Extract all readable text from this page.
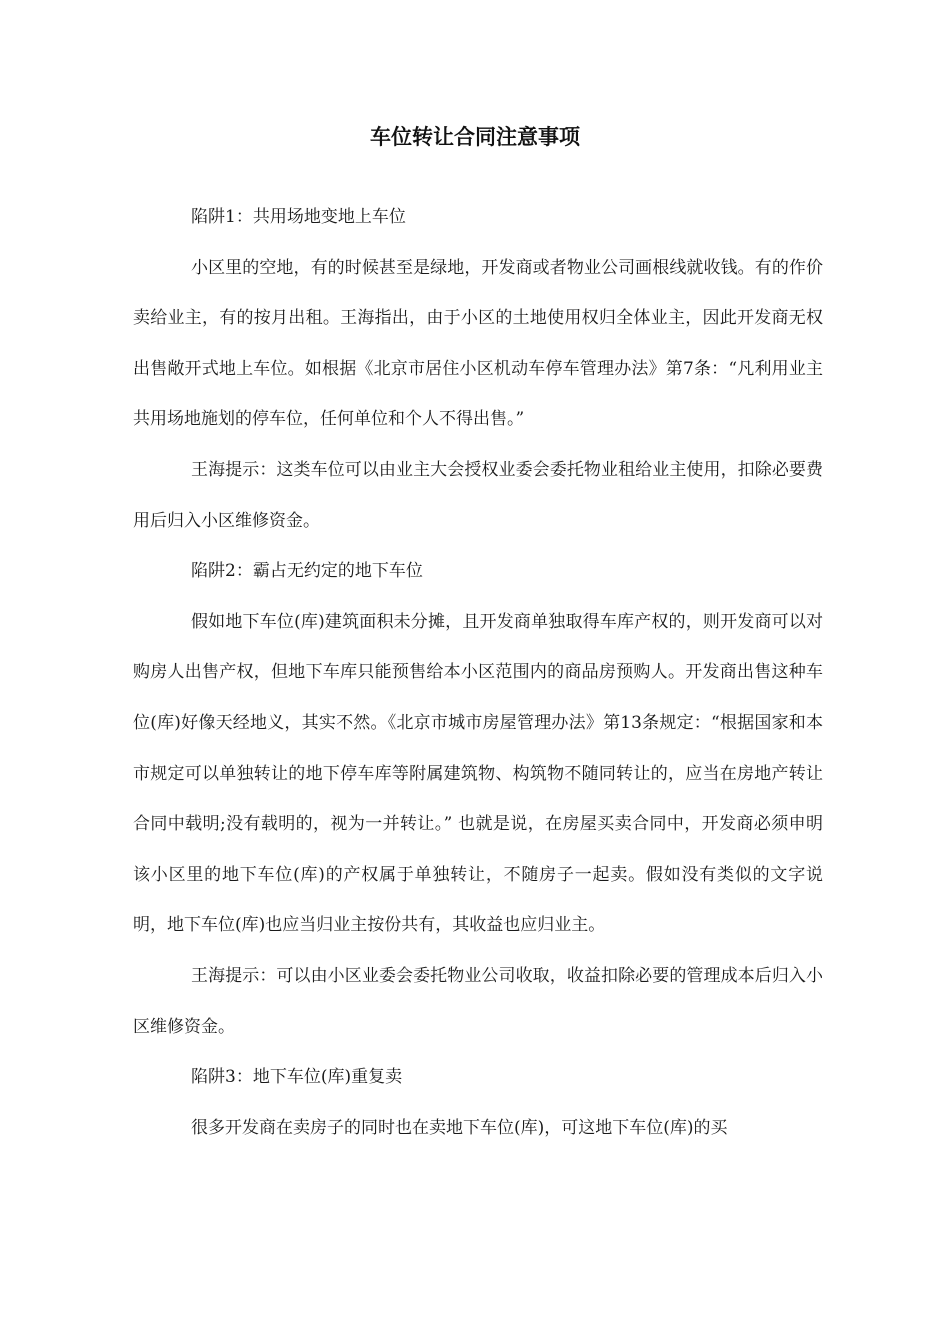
车位转让合同注意事项

陷阱1：共用场地变地上车位

小区里的空地，有的时候甚至是绿地，开发商或者物业公司画根线就收钱。有的作价卖给业主，有的按月出租。王海指出，由于小区的土地使用权归全体业主，因此开发商无权出售敞开式地上车位。如根据《北京市居住小区机动车停车管理办法》第7条：“凡利用业主共用场地施划的停车位，任何单位和个人不得出售。”

王海提示：这类车位可以由业主大会授权业委会委托物业租给业主使用，扣除必要费用后归入小区维修资金。

陷阱2：霸占无约定的地下车位

假如地下车位(库)建筑面积未分摊，且开发商单独取得车库产权的，则开发商可以对购房人出售产权，但地下车库只能预售给本小区范围内的商品房预购人。开发商出售这种车位(库)好像天经地义，其实不然。《北京市城市房屋管理办法》第13条规定：“根据国家和本市规定可以单独转让的地下停车库等附属建筑物、构筑物不随同转让的，应当在房地产转让合同中载明;没有载明的，视为一并转让。” 也就是说，在房屋买卖合同中，开发商必须申明该小区里的地下车位(库)的产权属于单独转让，不随房子一起卖。假如没有类似的文字说明，地下车位(库)也应当归业主按份共有，其收益也应归业主。

王海提示：可以由小区业委会委托物业公司收取，收益扣除必要的管理成本后归入小区维修资金。

陷阱3：地下车位(库)重复卖

很多开发商在卖房子的同时也在卖地下车位(库)，可这地下车位(库)的买
